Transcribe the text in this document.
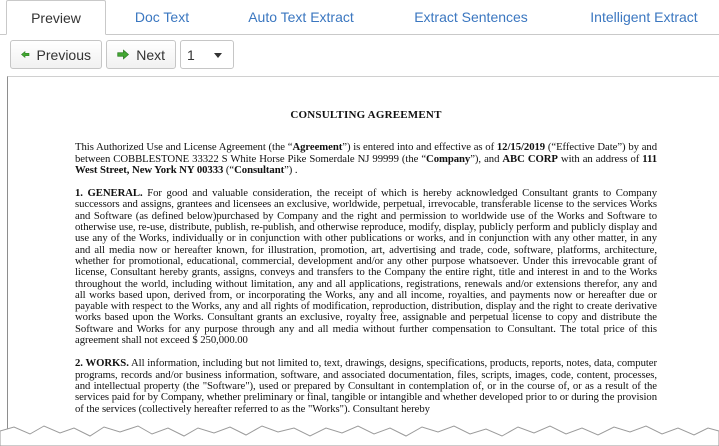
Preview	Doc Text	Auto Text Extract	Extract Sentences	Intelligent Extract
Previous	Next 1
CONSULTING AGREEMENT

This Authorized Use and License Agreement (the “Agreement”) is entered into and effective as of 12/15/2019 (“Effective Date”) by and between COBBLESTONE 33322 S White Horse Pike Somerdale NJ 99999 (the “Company”), and ABC CORP with an address of 111 West Street, New York NY 00333 (“Consultant”) .

1. GENERAL. For good and valuable consideration, the receipt of which is hereby acknowledged Consultant grants to Company successors and assigns, grantees and licensees an exclusive, worldwide, perpetual, irrevocable, transferable license to the services Works and Software (as defined below)purchased by Company and the right and permission to worldwide use of the Works and Software to otherwise use, re-use, distribute, publish, re-publish, and otherwise reproduce, modify, display, publicly perform and publicly display and use any of the Works, individually or in conjunction with other publications or works, and in conjunction with any other matter, in any and all media now or hereafter known, for illustration, promotion, art, advertising and trade, code, software, platforms, architecture, whether for promotional, educational, commercial, development and/or any other purpose whatsoever. Under this irrevocable grant of license, Consultant hereby grants, assigns, conveys and transfers to the Company the entire right, title and interest in and to the Works throughout the world, including without limitation, any and all applications, registrations, renewals and/or extensions therefor, any and all works based upon, derived from, or incorporating the Works, any and all income, royalties, and payments now or hereafter due or payable with respect to the Works, any and all rights of modification, reproduction, distribution, display and the right to create derivative works based upon the Works. Consultant grants an exclusive, royalty free, assignable and perpetual license to copy and distribute the Software and Works for any purpose through any and all media without further compensation to Consultant. The total price of this agreement shall not exceed $ 250,000.00

2. WORKS. All information, including but not limited to, text, drawings, designs, specifications, products, reports, notes, data, computer programs, records and/or business information, software, and associated documentation, files, scripts, images, code, content, processes, and intellectual property (the "Software"), used or prepared by Consultant in contemplation of, or in the course of, or as a result of the services paid for by Company, whether preliminary or final, tangible or intangible and whether developed prior to or during the provision of the services (collectively hereafter referred to as the "Works"). Consultant hereby
